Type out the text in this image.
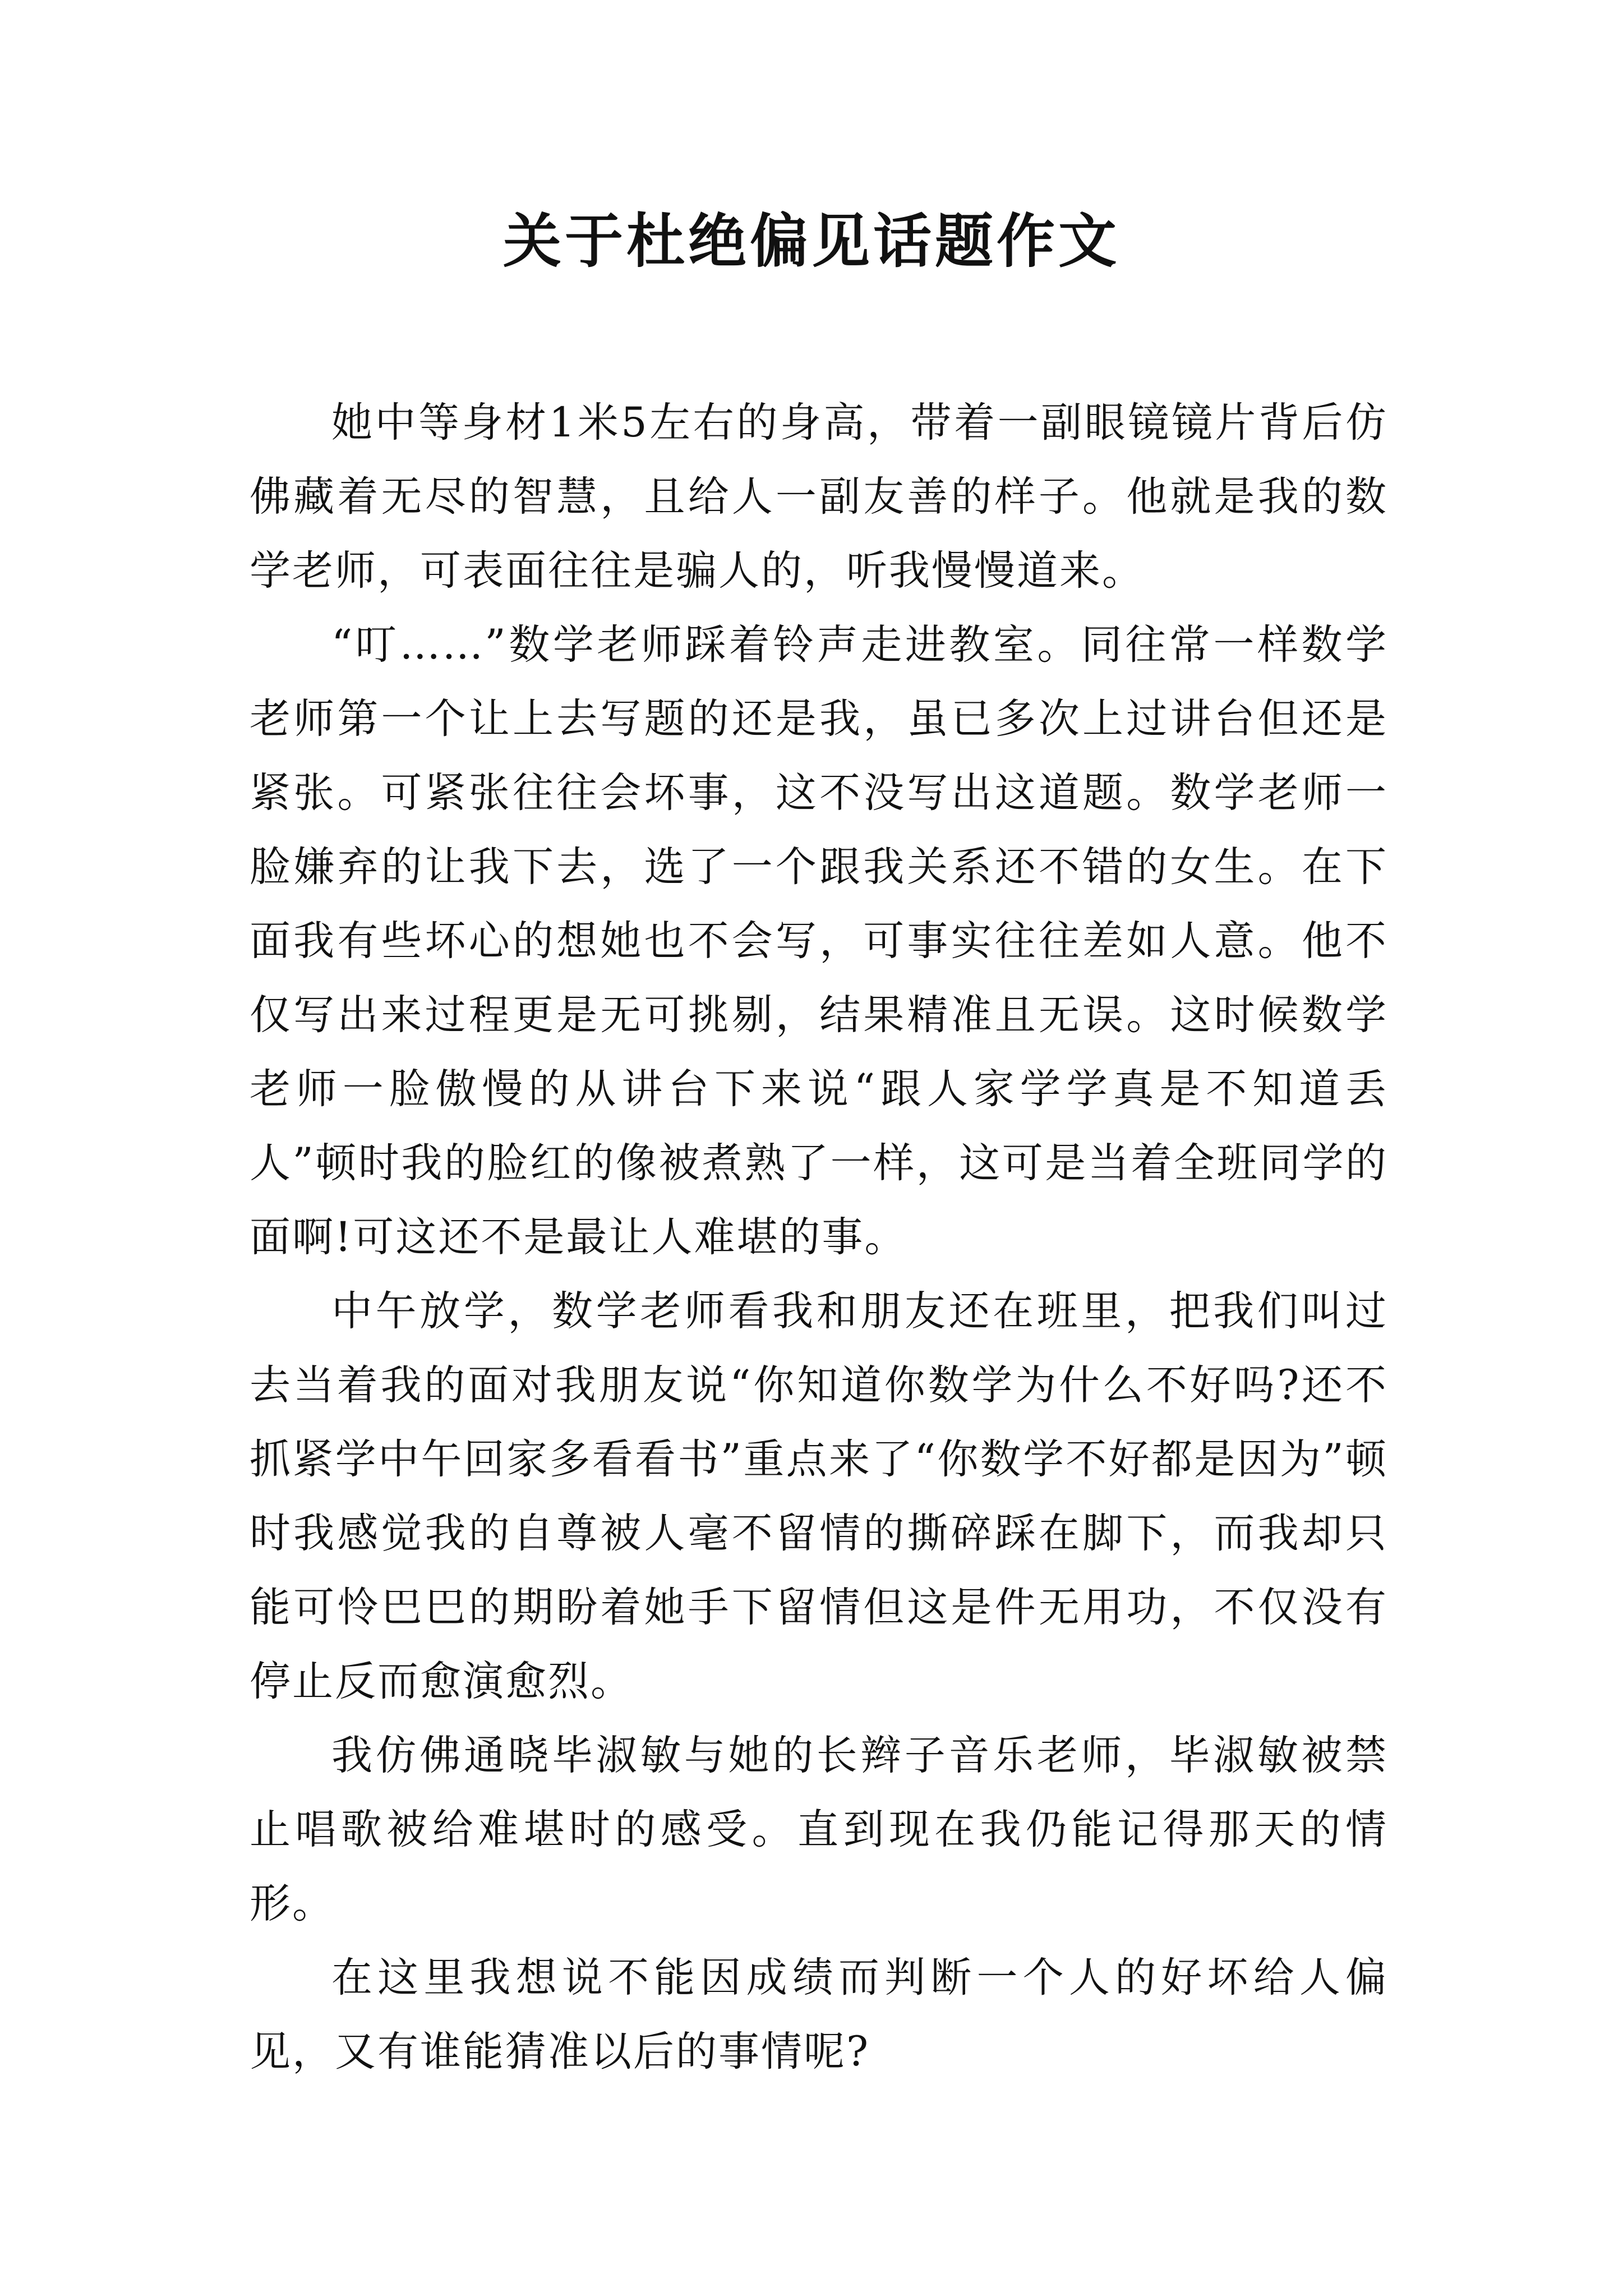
关于杜绝偏见话题作文

她中等身材1米5左右的身高，带着一副眼镜镜片背后仿佛藏着无尽的智慧，且给人一副友善的样子。他就是我的数学老师，可表面往往是骗人的，听我慢慢道来。

“叮……”数学老师踩着铃声走进教室。同往常一样数学老师第一个让上去写题的还是我，虽已多次上过讲台但还是紧张。可紧张往往会坏事，这不没写出这道题。数学老师一脸嫌弃的让我下去，选了一个跟我关系还不错的女生。在下面我有些坏心的想她也不会写，可事实往往差如人意。他不仅写出来过程更是无可挑剔，结果精准且无误。这时候数学老师一脸傲慢的从讲台下来说“跟人家学学真是不知道丢人”顿时我的脸红的像被煮熟了一样，这可是当着全班同学的面啊!可这还不是最让人难堪的事。

中午放学，数学老师看我和朋友还在班里，把我们叫过去当着我的面对我朋友说“你知道你数学为什么不好吗?还不抓紧学中午回家多看看书”重点来了“你数学不好都是因为”顿时我感觉我的自尊被人毫不留情的撕碎踩在脚下，而我却只能可怜巴巴的期盼着她手下留情但这是件无用功，不仅没有停止反而愈演愈烈。

我仿佛通晓毕淑敏与她的长辫子音乐老师，毕淑敏被禁止唱歌被给难堪时的感受。直到现在我仍能记得那天的情形。

在这里我想说不能因成绩而判断一个人的好坏给人偏见，又有谁能猜准以后的事情呢?
